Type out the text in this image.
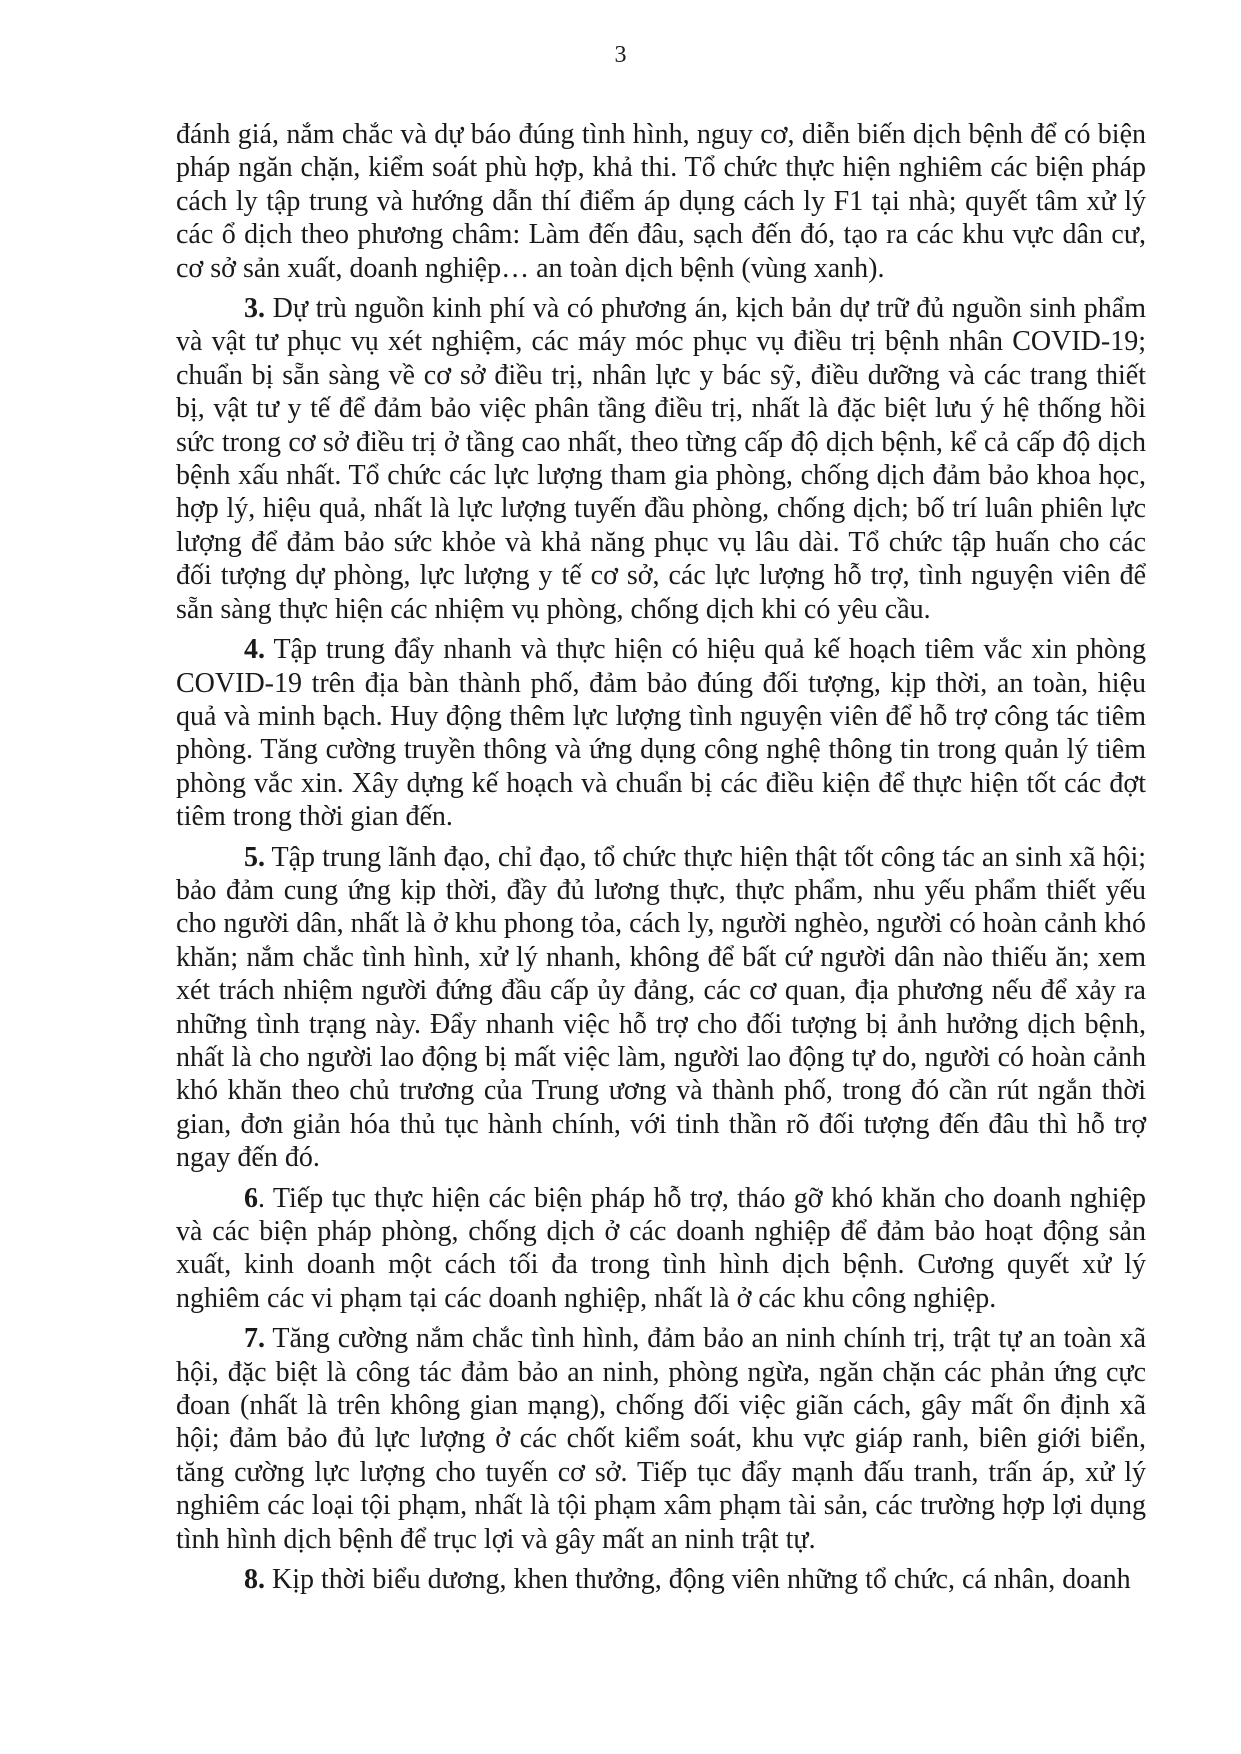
3

đánh giá, nắm chắc và dự báo đúng tình hình, nguy cơ, diễn biến dịch bệnh để có biện pháp ngăn chặn, kiểm soát phù hợp, khả thi. Tổ chức thực hiện nghiêm các biện pháp cách ly tập trung và hướng dẫn thí điểm áp dụng cách ly F1 tại nhà; quyết tâm xử lý các ổ dịch theo phương châm: Làm đến đâu, sạch đến đó, tạo ra các khu vực dân cư, cơ sở sản xuất, doanh nghiệp… an toàn dịch bệnh (vùng xanh).

3. Dự trù nguồn kinh phí và có phương án, kịch bản dự trữ đủ nguồn sinh phẩm và vật tư phục vụ xét nghiệm, các máy móc phục vụ điều trị bệnh nhân COVID-19; chuẩn bị sẵn sàng về cơ sở điều trị, nhân lực y bác sỹ, điều dưỡng và các trang thiết bị, vật tư y tế để đảm bảo việc phân tầng điều trị, nhất là đặc biệt lưu ý hệ thống hồi sức trong cơ sở điều trị ở tầng cao nhất, theo từng cấp độ dịch bệnh, kể cả cấp độ dịch bệnh xấu nhất. Tổ chức các lực lượng tham gia phòng, chống dịch đảm bảo khoa học, hợp lý, hiệu quả, nhất là lực lượng tuyến đầu phòng, chống dịch; bố trí luân phiên lực lượng để đảm bảo sức khỏe và khả năng phục vụ lâu dài. Tổ chức tập huấn cho các đối tượng dự phòng, lực lượng y tế cơ sở, các lực lượng hỗ trợ, tình nguyện viên để sẵn sàng thực hiện các nhiệm vụ phòng, chống dịch khi có yêu cầu.

4. Tập trung đẩy nhanh và thực hiện có hiệu quả kế hoạch tiêm vắc xin phòng COVID-19 trên địa bàn thành phố, đảm bảo đúng đối tượng, kịp thời, an toàn, hiệu quả và minh bạch. Huy động thêm lực lượng tình nguyện viên để hỗ trợ công tác tiêm phòng. Tăng cường truyền thông và ứng dụng công nghệ thông tin trong quản lý tiêm phòng vắc xin. Xây dựng kế hoạch và chuẩn bị các điều kiện để thực hiện tốt các đợt tiêm trong thời gian đến.

5. Tập trung lãnh đạo, chỉ đạo, tổ chức thực hiện thật tốt công tác an sinh xã hội; bảo đảm cung ứng kịp thời, đầy đủ lương thực, thực phẩm, nhu yếu phẩm thiết yếu cho người dân, nhất là ở khu phong tỏa, cách ly, người nghèo, người có hoàn cảnh khó khăn; nắm chắc tình hình, xử lý nhanh, không để bất cứ người dân nào thiếu ăn; xem xét trách nhiệm người đứng đầu cấp ủy đảng, các cơ quan, địa phương nếu để xảy ra những tình trạng này. Đẩy nhanh việc hỗ trợ cho đối tượng bị ảnh hưởng dịch bệnh, nhất là cho người lao động bị mất việc làm, người lao động tự do, người có hoàn cảnh khó khăn theo chủ trương của Trung ương và thành phố, trong đó cần rút ngắn thời gian, đơn giản hóa thủ tục hành chính, với tinh thần rõ đối tượng đến đâu thì hỗ trợ ngay đến đó.

6. Tiếp tục thực hiện các biện pháp hỗ trợ, tháo gỡ khó khăn cho doanh nghiệp và các biện pháp phòng, chống dịch ở các doanh nghiệp để đảm bảo hoạt động sản xuất, kinh doanh một cách tối đa trong tình hình dịch bệnh. Cương quyết xử lý nghiêm các vi phạm tại các doanh nghiệp, nhất là ở các khu công nghiệp.

7. Tăng cường nắm chắc tình hình, đảm bảo an ninh chính trị, trật tự an toàn xã hội, đặc biệt là công tác đảm bảo an ninh, phòng ngừa, ngăn chặn các phản ứng cực đoan (nhất là trên không gian mạng), chống đối việc giãn cách, gây mất ổn định xã hội; đảm bảo đủ lực lượng ở các chốt kiểm soát, khu vực giáp ranh, biên giới biển, tăng cường lực lượng cho tuyến cơ sở. Tiếp tục đẩy mạnh đấu tranh, trấn áp, xử lý nghiêm các loại tội phạm, nhất là tội phạm xâm phạm tài sản, các trường hợp lợi dụng tình hình dịch bệnh để trục lợi và gây mất an ninh trật tự.

8. Kịp thời biểu dương, khen thưởng, động viên những tổ chức, cá nhân, doanh
